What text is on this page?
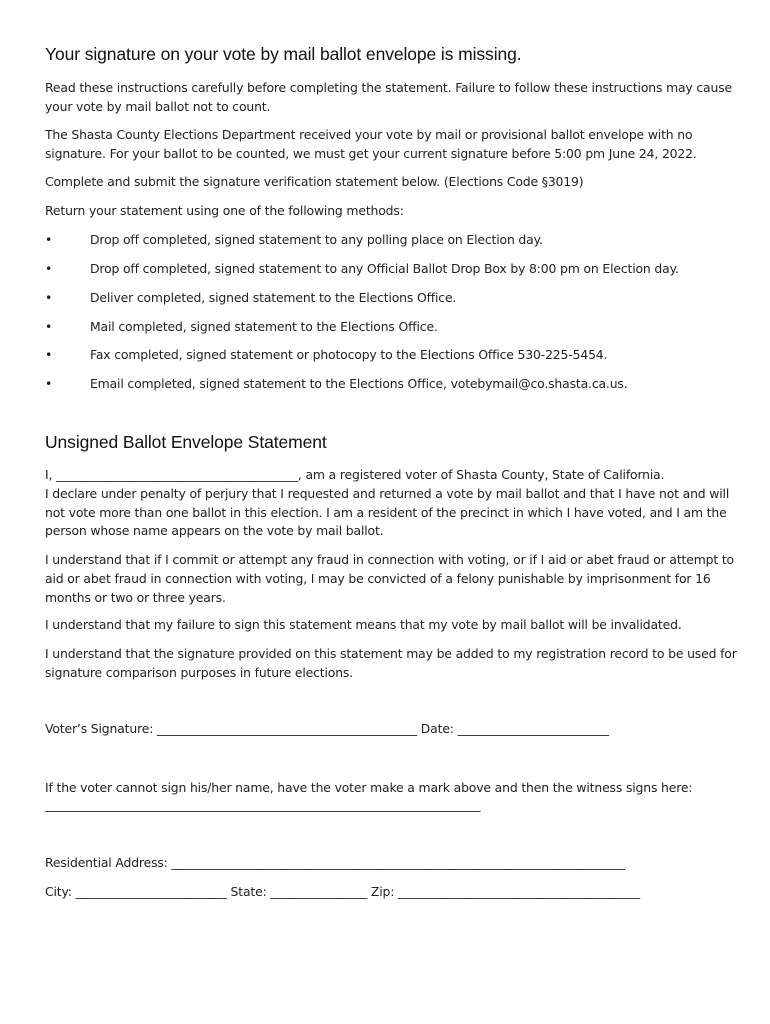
Your signature on your vote by mail ballot envelope is missing.

Read these instructions carefully before completing the statement. Failure to follow these instructions may cause
your vote by mail ballot not to count.

The Shasta County Elections Department received your vote by mail or provisional ballot envelope with no
signature. For your ballot to be counted, we must get your current signature before 5:00 pm June 24, 2022.

Complete and submit the signature verification statement below. (Elections Code §3019)

Return your statement using one of the following methods:

•	Drop off completed, signed statement to any polling place on Election day.
•	Drop off completed, signed statement to any Official Ballot Drop Box by 8:00 pm on Election day.
•	Deliver completed, signed statement to the Elections Office.
•	Mail completed, signed statement to the Elections Office.
•	Fax completed, signed statement or photocopy to the Elections Office 530-225-5454.
•	Email completed, signed statement to the Elections Office, votebymail@co.shasta.ca.us.
Unsigned Ballot Envelope Statement

I, ________________________________________, am a registered voter of Shasta County, State of California.
I declare under penalty of perjury that I requested and returned a vote by mail ballot and that I have not and will
not vote more than one ballot in this election. I am a resident of the precinct in which I have voted, and I am the
person whose name appears on the vote by mail ballot.

I understand that if I commit or attempt any fraud in connection with voting, or if I aid or abet fraud or attempt to
aid or abet fraud in connection with voting, I may be convicted of a felony punishable by imprisonment for 16
months or two or three years.

I understand that my failure to sign this statement means that my vote by mail ballot will be invalidated.

I understand that the signature provided on this statement may be added to my registration record to be used for
signature comparison purposes in future elections.

Voter’s Signature: ___________________________________________ Date: _________________________

If the voter cannot sign his/her name, have the voter make a mark above and then the witness signs here:

________________________________________________________________________

Residential Address: ___________________________________________________________________________

City: _________________________ State: ________________ Zip: ________________________________________
